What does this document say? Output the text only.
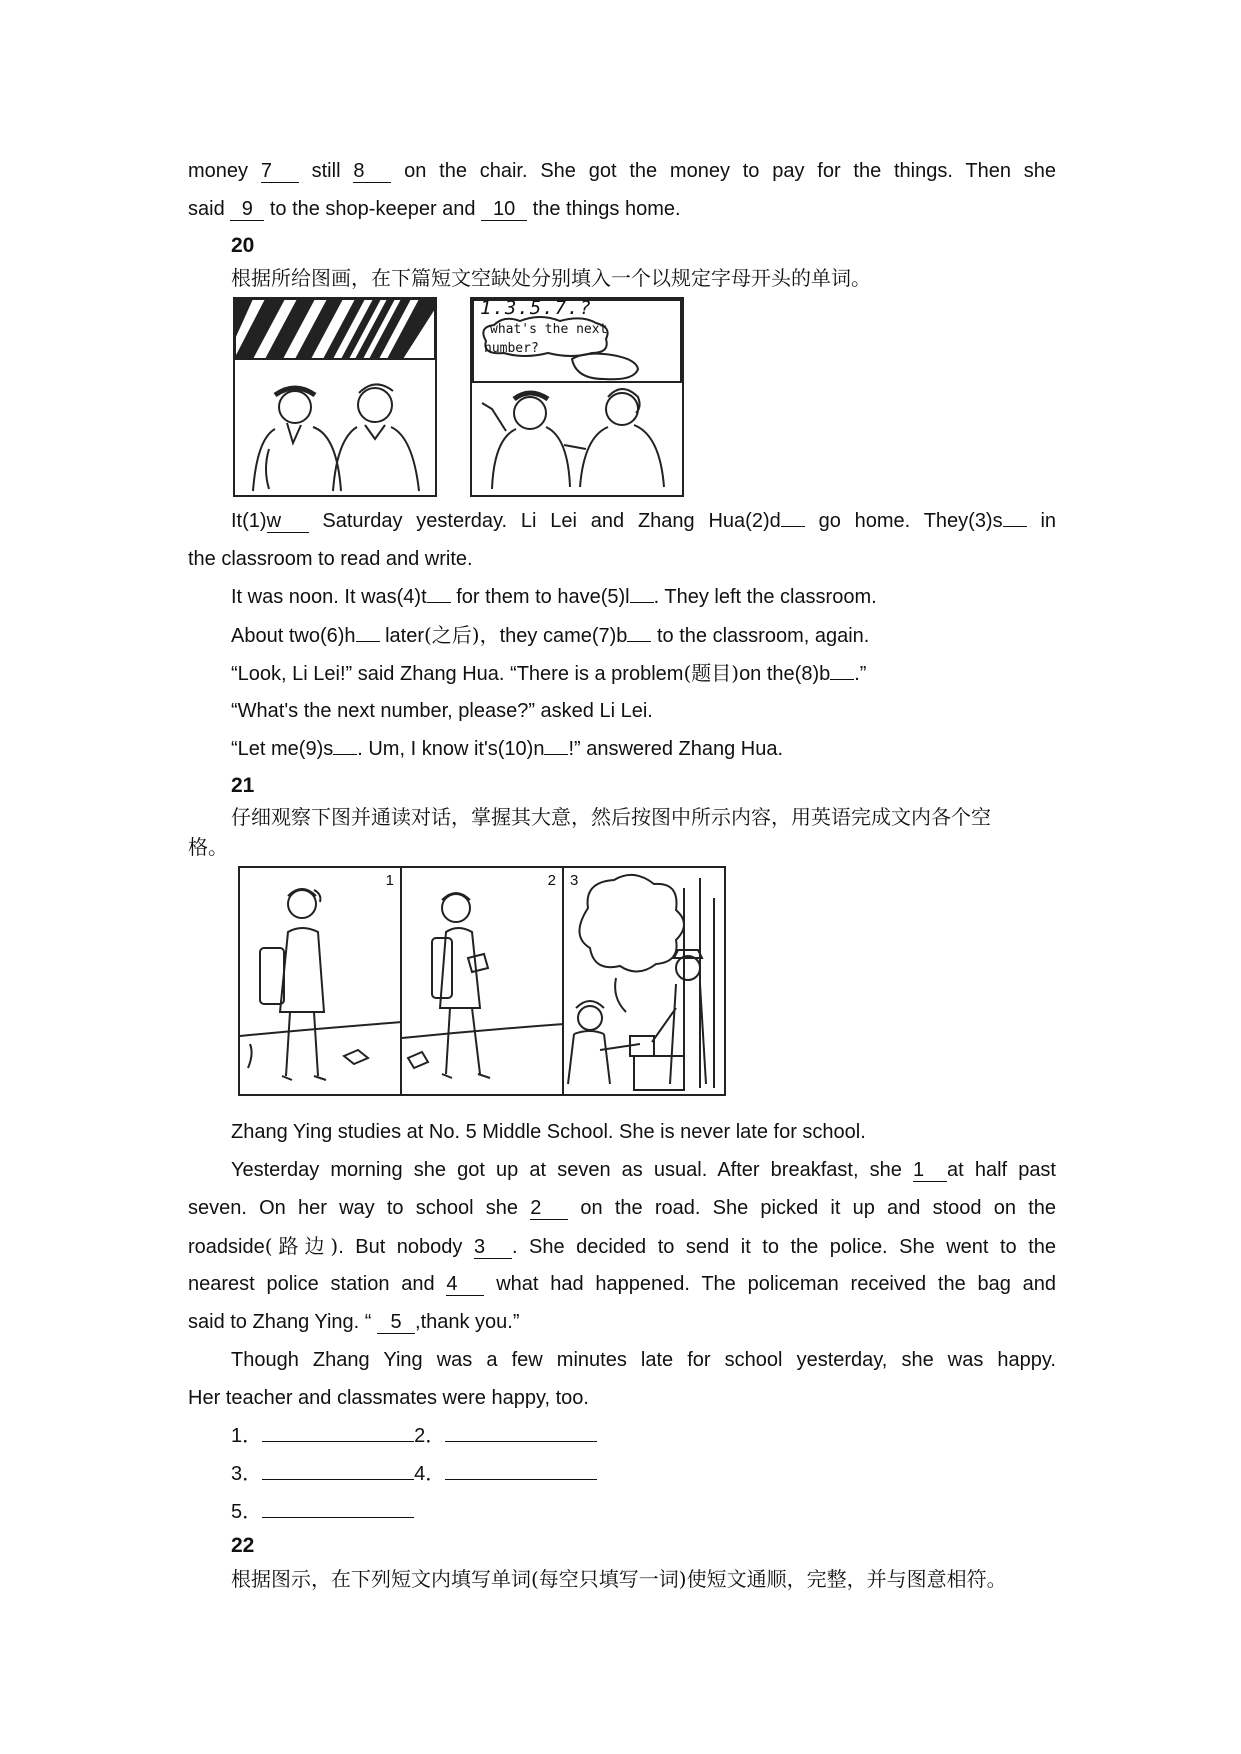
money 7 still 8 on the chair. She got the money to pay for the things. Then she
said 9 to the shop-keeper and 10 the things home.
20
根据所给图画，在下篇短文空缺处分别填入一个以规定字母开头的单词。
1.3.5.7.?
what's the next
number?
It(1)w Saturday yesterday. Li Lei and Zhang Hua(2)d go home. They(3)s in
the classroom to read and write.
It was noon. It was(4)t for them to have(5)l . They left the classroom.
About two(6)h later(之后)，they came(7)b to the classroom, again.
“Look, Li Lei!” said Zhang Hua. “There is a problem(题目)on the(8)b .”
“What's the next number, please?” asked Li Lei.
“Let me(9)s . Um, I know it's(10)n !” answered Zhang Hua.
21
仔细观察下图并通读对话，掌握其大意，然后按图中所示内容，用英语完成文内各个空
格。
1	2 3
Zhang Ying studies at No. 5 Middle School. She is never late for school.
Yesterday morning she got up at seven as usual. After breakfast, she 1 at half past
seven. On her way to school she 2 on the road. She picked it up and stood on the
roadside(路边). But nobody 3 . She decided to send it to the police. She went to the
nearest police station and 4 what had happened. The policeman received the bag and
said to Zhang Ying. “ 5 ,thank you.”
Though Zhang Ying was a few minutes late for school yesterday, she was happy.
Her teacher and classmates were happy, too.
1．	2．
3．	4．
5．
22
根据图示，在下列短文内填写单词(每空只填写一词)使短文通顺，完整，并与图意相符。
